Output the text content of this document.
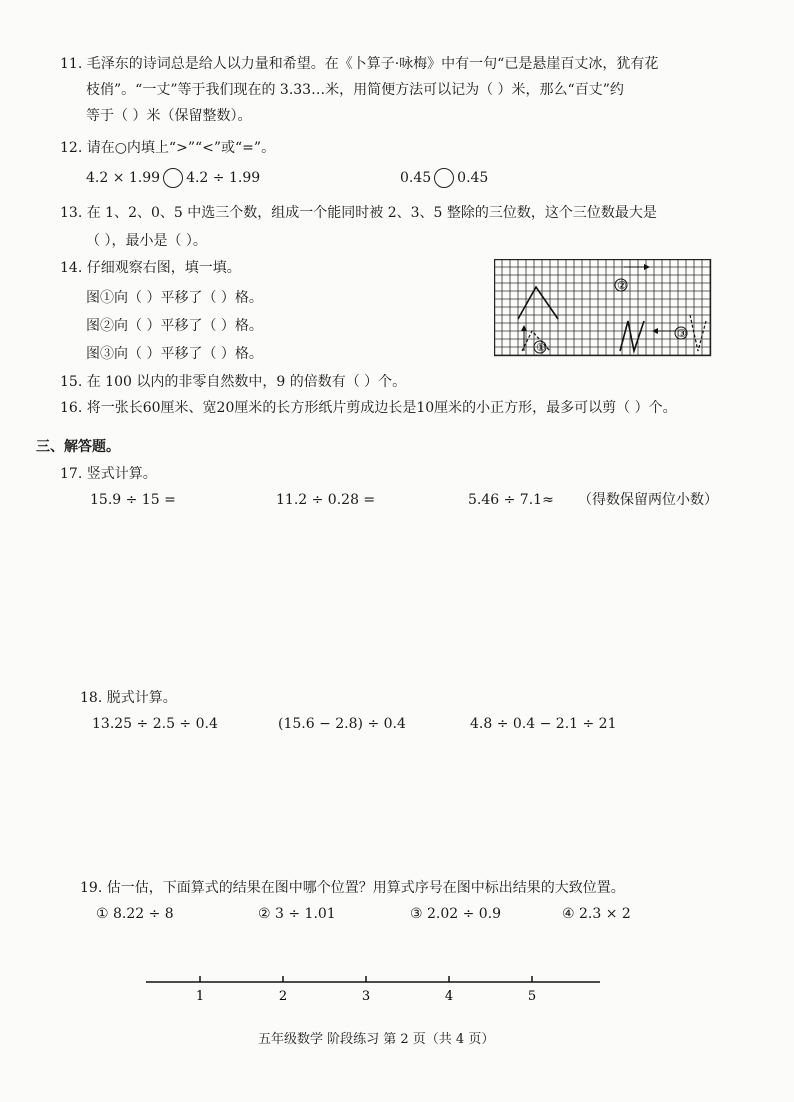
11. 毛泽东的诗词总是给人以力量和希望。在《卜算子·咏梅》中有一句“已是悬崖百丈冰，犹有花
枝俏”。“一丈”等于我们现在的 3.33…米，用简便方法可以记为（ ）米，那么“百丈”约
等于（ ）米（保留整数）。
12. 请在○内填上“>”“<”或“=”。
4.2 × 1.99 4.2 ÷ 1.99	0.45 0.45
13. 在 1、2、0、5 中选三个数，组成一个能同时被 2、3、5 整除的三位数，这个三位数最大是
（ ），最小是（ ）。
14. 仔细观察右图，填一填。
图①向（ ）平移了（ ）格。
图②向（ ）平移了（ ）格。
图③向（ ）平移了（ ）格。	①
②
③
15. 在 100 以内的非零自然数中，9 的倍数有（ ）个。
16. 将一张长60厘米、宽20厘米的长方形纸片剪成边长是10厘米的小正方形，最多可以剪（ ）个。
三、解答题。
17. 竖式计算。
15.9 ÷ 15 =	11.2 ÷ 0.28 =	5.46 ÷ 7.1≈ （得数保留两位小数）
18. 脱式计算。
13.25 ÷ 2.5 ÷ 0.4	(15.6 − 2.8) ÷ 0.4	4.8 ÷ 0.4 − 2.1 ÷ 21
19. 估一估，下面算式的结果在图中哪个位置？用算式序号在图中标出结果的大致位置。
① 8.22 ÷ 8	② 3 ÷ 1.01	③ 2.02 ÷ 0.9	④ 2.3 × 2
1	2	3	4	5
五年级数学 阶段练习 第 2 页（共 4 页）
